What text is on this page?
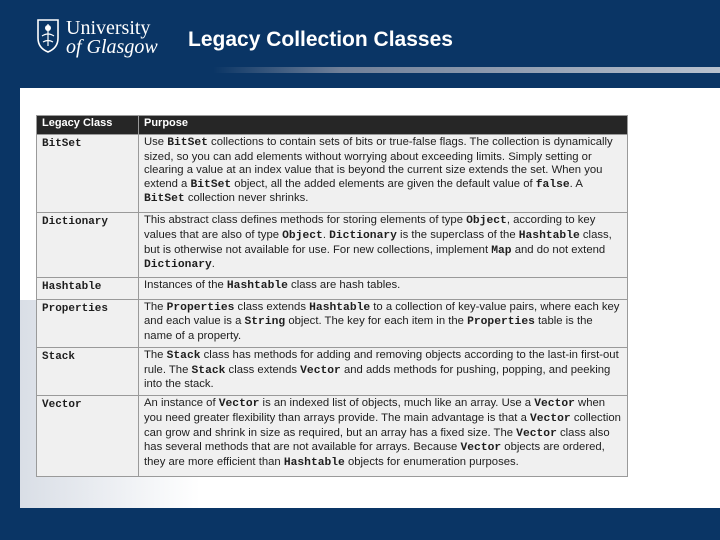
University
of Glasgow Legacy Collection Classes
Legacy Class	Purpose
BitSet	Use BitSet collections to contain sets of bits or true-false flags. The collection is dynamically sized, so you can add elements without worrying about exceeding limits. Simply setting or clearing a value at an index value that is beyond the current size extends the set. When you extend a BitSet object, all the added elements are given the default value of false. A BitSet collection never shrinks.
Dictionary	This abstract class defines methods for storing elements of type Object, according to key values that are also of type Object. Dictionary is the superclass of the Hashtable class, but is otherwise not available for use. For new collections, implement Map and do not extend Dictionary.
Hashtable	Instances of the Hashtable class are hash tables.
Properties	The Properties class extends Hashtable to a collection of key-value pairs, where each key and each value is a String object. The key for each item in the Properties table is the name of a property.
Stack	The Stack class has methods for adding and removing objects according to the last-in first-out rule. The Stack class extends Vector and adds methods for pushing, popping, and peeking into the stack.
Vector	An instance of Vector is an indexed list of objects, much like an array. Use a Vector when you need greater flexibility than arrays provide. The main advantage is that a Vector collection can grow and shrink in size as required, but an array has a fixed size. The Vector class also has several methods that are not available for arrays. Because Vector objects are ordered, they are more efficient than Hashtable objects for enumeration purposes.
